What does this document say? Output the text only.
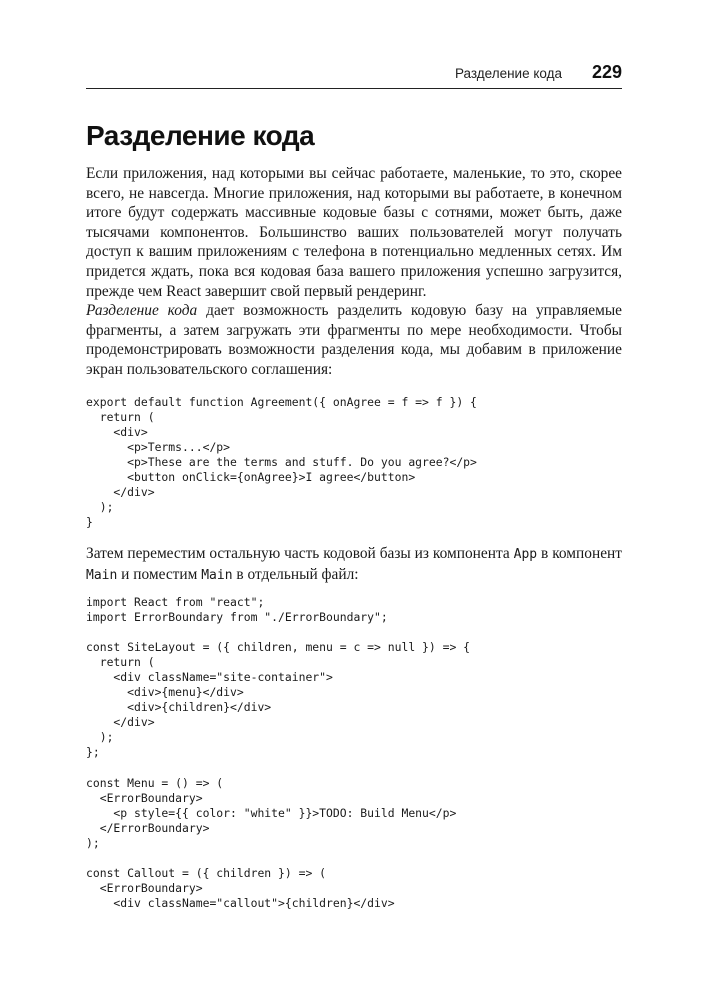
Разделение кода 229
Разделение кода

Если приложения, над которыми вы сейчас работаете, маленькие, то это, скорее всего, не навсегда. Многие приложения, над которыми вы работаете, в конечном итоге будут содержать массивные кодовые базы с сотнями, может быть, даже тысячами компонентов. Большинство ваших пользователей могут получать доступ к вашим приложениям с телефона в потенциально медленных сетях. Им придется ждать, пока вся кодовая база вашего приложения успешно загрузится, прежде чем React завершит свой первый рендеринг.

Разделение кода дает возможность разделить кодовую базу на управляемые фрагменты, а затем загружать эти фрагменты по мере необходимости. Чтобы продемонстрировать возможности разделения кода, мы добавим в приложение экран пользовательского соглашения:

export default function Agreement({ onAgree = f => f }) {
return (
<div>
<p>Terms...</p>
<p>These are the terms and stuff. Do you agree?</p>
<button onClick={onAgree}>I agree</button>
</div>
);
}

Затем переместим остальную часть кодовой базы из компонента App в компонент Main и поместим Main в отдельный файл:

import React from "react";
import ErrorBoundary from "./ErrorBoundary";

const SiteLayout = ({ children, menu = c => null }) => {
return (
<div className="site-container">
<div>{menu}</div>
<div>{children}</div>
</div>
);
};

const Menu = () => (
<ErrorBoundary>
<p style={{ color: "white" }}>TODO: Build Menu</p>
</ErrorBoundary>
);

const Callout = ({ children }) => (
<ErrorBoundary>
<div className="callout">{children}</div>
